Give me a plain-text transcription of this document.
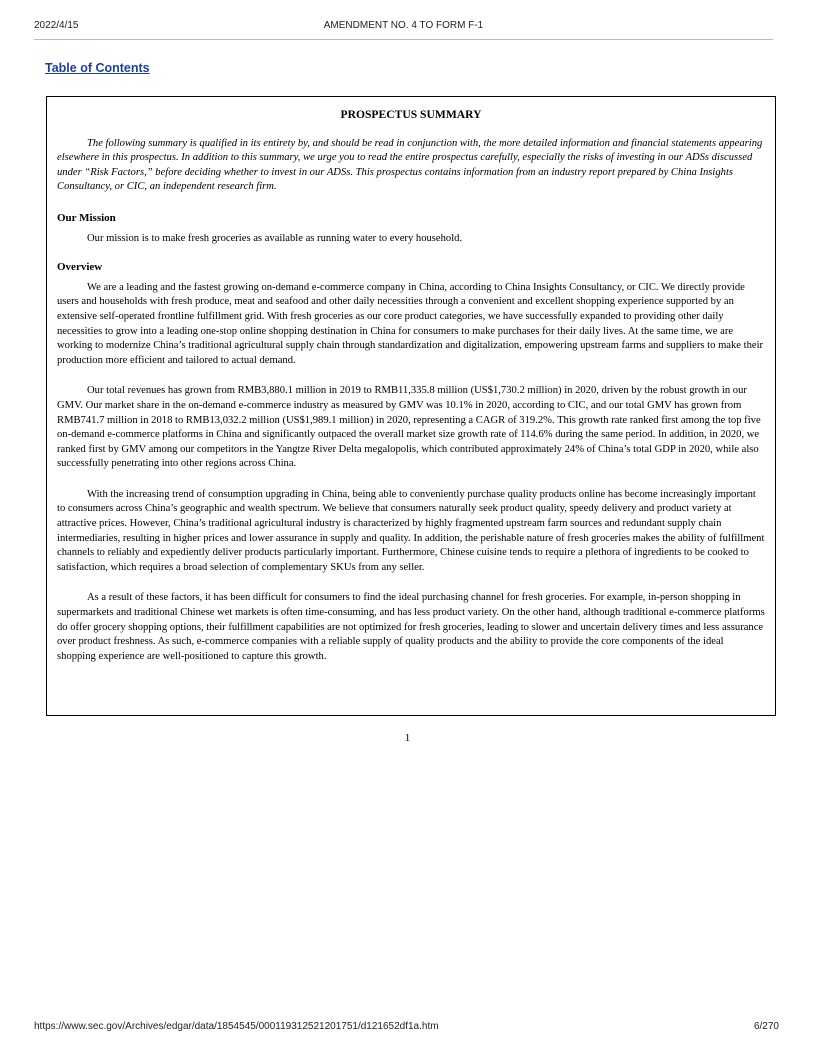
2022/4/15	AMENDMENT NO. 4 TO FORM F-1
Table of Contents
PROSPECTUS SUMMARY

The following summary is qualified in its entirety by, and should be read in conjunction with, the more detailed information and financial statements appearing elsewhere in this prospectus. In addition to this summary, we urge you to read the entire prospectus carefully, especially the risks of investing in our ADSs discussed under “Risk Factors,” before deciding whether to invest in our ADSs. This prospectus contains information from an industry report prepared by China Insights Consultancy, or CIC, an independent research firm.

Our Mission

Our mission is to make fresh groceries as available as running water to every household.

Overview

We are a leading and the fastest growing on-demand e-commerce company in China, according to China Insights Consultancy, or CIC. We directly provide users and households with fresh produce, meat and seafood and other daily necessities through a convenient and excellent shopping experience supported by an extensive self-operated frontline fulfillment grid. With fresh groceries as our core product categories, we have successfully expanded to providing other daily necessities to grow into a leading one-stop online shopping destination in China for consumers to make purchases for their daily lives. At the same time, we are working to modernize China’s traditional agricultural supply chain through standardization and digitalization, empowering upstream farms and suppliers to make their production more efficient and tailored to actual demand.

Our total revenues has grown from RMB3,880.1 million in 2019 to RMB11,335.8 million (US$1,730.2 million) in 2020, driven by the robust growth in our GMV. Our market share in the on-demand e-commerce industry as measured by GMV was 10.1% in 2020, according to CIC, and our total GMV has grown from RMB741.7 million in 2018 to RMB13,032.2 million (US$1,989.1 million) in 2020, representing a CAGR of 319.2%. This growth rate ranked first among the top five on-demand e-commerce platforms in China and significantly outpaced the overall market size growth rate of 114.6% during the same period. In addition, in 2020, we ranked first by GMV among our competitors in the Yangtze River Delta megalopolis, which contributed approximately 24% of China’s total GDP in 2020, while also successfully penetrating into other regions across China.

With the increasing trend of consumption upgrading in China, being able to conveniently purchase quality products online has become increasingly important to consumers across China’s geographic and wealth spectrum. We believe that consumers naturally seek product quality, speedy delivery and product variety at attractive prices. However, China’s traditional agricultural industry is characterized by highly fragmented upstream farm sources and redundant supply chain intermediaries, resulting in higher prices and lower assurance in supply and quality. In addition, the perishable nature of fresh groceries makes the ability of fulfillment channels to reliably and expediently deliver products particularly important. Furthermore, Chinese cuisine tends to require a plethora of ingredients to be cooked to satisfaction, which requires a broad selection of complementary SKUs from any seller.

As a result of these factors, it has been difficult for consumers to find the ideal purchasing channel for fresh groceries. For example, in-person shopping in supermarkets and traditional Chinese wet markets is often time-consuming, and has less product variety. On the other hand, although traditional e-commerce platforms do offer grocery shopping options, their fulfillment capabilities are not optimized for fresh groceries, leading to slower and uncertain delivery times and less assurance over product freshness. As such, e-commerce companies with a reliable supply of quality products and the ability to provide the core components of the ideal shopping experience are well-positioned to capture this growth.

1
https://www.sec.gov/Archives/edgar/data/1854545/000119312521201751/d121652df1a.htm	6/270
